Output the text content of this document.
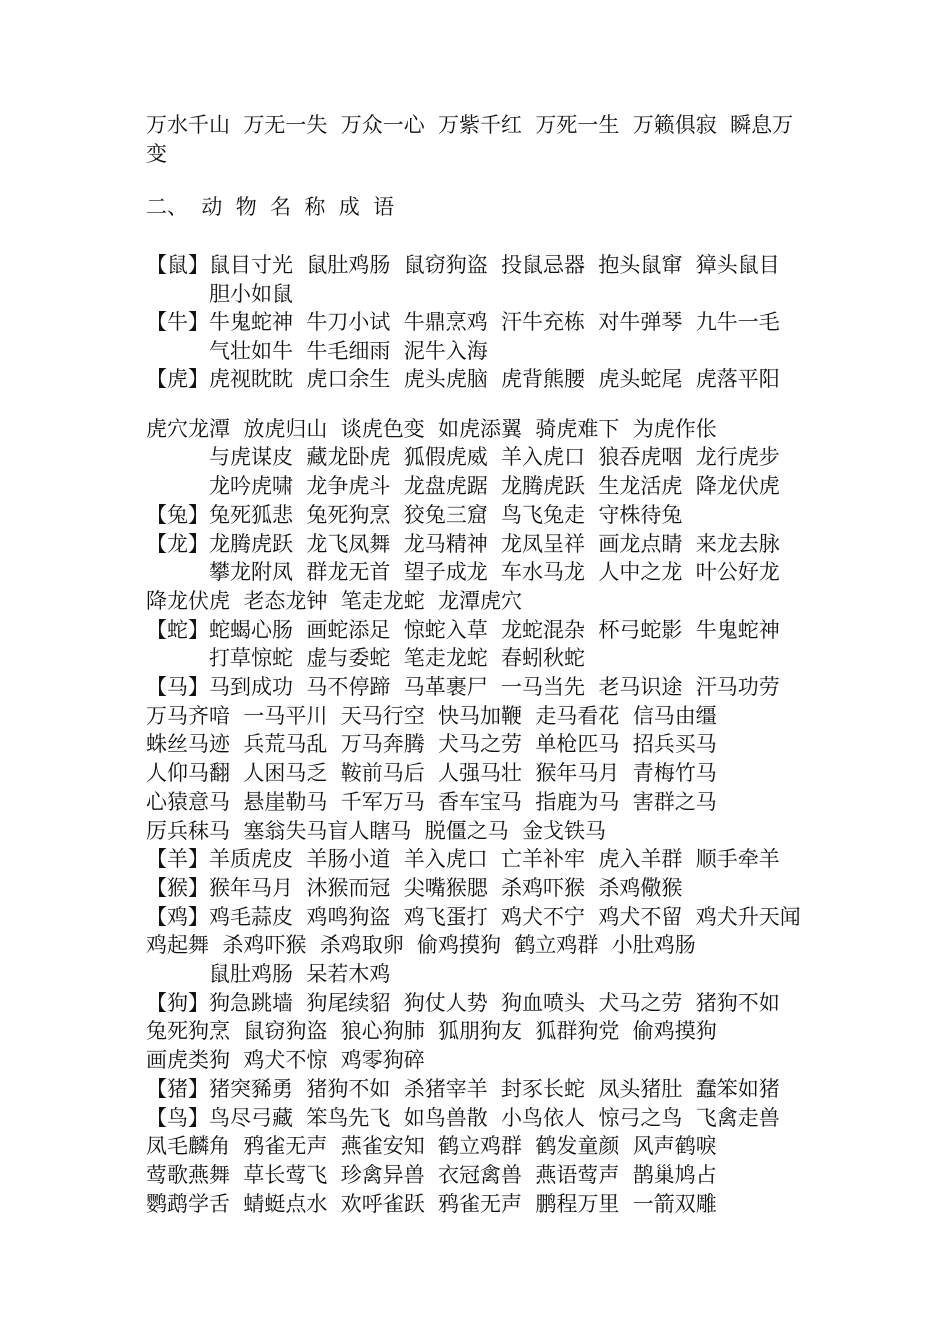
万水千山  万无一失  万众一心  万紫千红  万死一生  万籁俱寂  瞬息万
变
二、  动  物  名  称  成  语
【鼠】鼠目寸光  鼠肚鸡肠  鼠窃狗盗  投鼠忌器  抱头鼠窜  獐头鼠目
胆小如鼠
【牛】牛鬼蛇神  牛刀小试  牛鼎烹鸡  汗牛充栋  对牛弹琴  九牛一毛
气壮如牛  牛毛细雨  泥牛入海
【虎】虎视眈眈  虎口余生  虎头虎脑  虎背熊腰  虎头蛇尾  虎落平阳
虎穴龙潭  放虎归山  谈虎色变  如虎添翼  骑虎难下  为虎作伥
与虎谋皮  藏龙卧虎  狐假虎威  羊入虎口  狼吞虎咽  龙行虎步
龙吟虎啸  龙争虎斗  龙盘虎踞  龙腾虎跃  生龙活虎  降龙伏虎
【兔】兔死狐悲  兔死狗烹  狡兔三窟  鸟飞兔走  守株待兔
【龙】龙腾虎跃  龙飞凤舞  龙马精神  龙凤呈祥  画龙点睛  来龙去脉
攀龙附凤  群龙无首  望子成龙  车水马龙  人中之龙  叶公好龙
降龙伏虎  老态龙钟  笔走龙蛇  龙潭虎穴
【蛇】蛇蝎心肠  画蛇添足  惊蛇入草  龙蛇混杂  杯弓蛇影  牛鬼蛇神
打草惊蛇  虚与委蛇  笔走龙蛇  春蚓秋蛇
【马】马到成功  马不停蹄  马革裹尸  一马当先  老马识途  汗马功劳
万马齐喑  一马平川  天马行空  快马加鞭  走马看花  信马由缰
蛛丝马迹  兵荒马乱  万马奔腾  犬马之劳  单枪匹马  招兵买马
人仰马翻  人困马乏  鞍前马后  人强马壮  猴年马月  青梅竹马
心猿意马  悬崖勒马  千军万马  香车宝马  指鹿为马  害群之马
厉兵秣马  塞翁失马盲人瞎马  脱僵之马  金戈铁马
【羊】羊质虎皮  羊肠小道  羊入虎口  亡羊补牢  虎入羊群  顺手牵羊
【猴】猴年马月  沐猴而冠  尖嘴猴腮  杀鸡吓猴  杀鸡儆猴
【鸡】鸡毛蒜皮  鸡鸣狗盗  鸡飞蛋打  鸡犬不宁  鸡犬不留  鸡犬升天闻
鸡起舞  杀鸡吓猴  杀鸡取卵  偷鸡摸狗  鹤立鸡群  小肚鸡肠
鼠肚鸡肠  呆若木鸡
【狗】狗急跳墙  狗尾续貂  狗仗人势  狗血喷头  犬马之劳  猪狗不如
兔死狗烹  鼠窃狗盗  狼心狗肺  狐朋狗友  狐群狗党  偷鸡摸狗
画虎类狗  鸡犬不惊  鸡零狗碎
【猪】猪突豨勇  猪狗不如  杀猪宰羊  封豕长蛇  凤头猪肚  蠢笨如猪
【鸟】鸟尽弓藏  笨鸟先飞  如鸟兽散  小鸟依人  惊弓之鸟  飞禽走兽
凤毛麟角  鸦雀无声  燕雀安知  鹤立鸡群  鹤发童颜  风声鹤唳
莺歌燕舞  草长莺飞  珍禽异兽  衣冠禽兽  燕语莺声  鹊巢鸠占
鹦鹉学舌  蜻蜓点水  欢呼雀跃  鸦雀无声  鹏程万里  一箭双雕
